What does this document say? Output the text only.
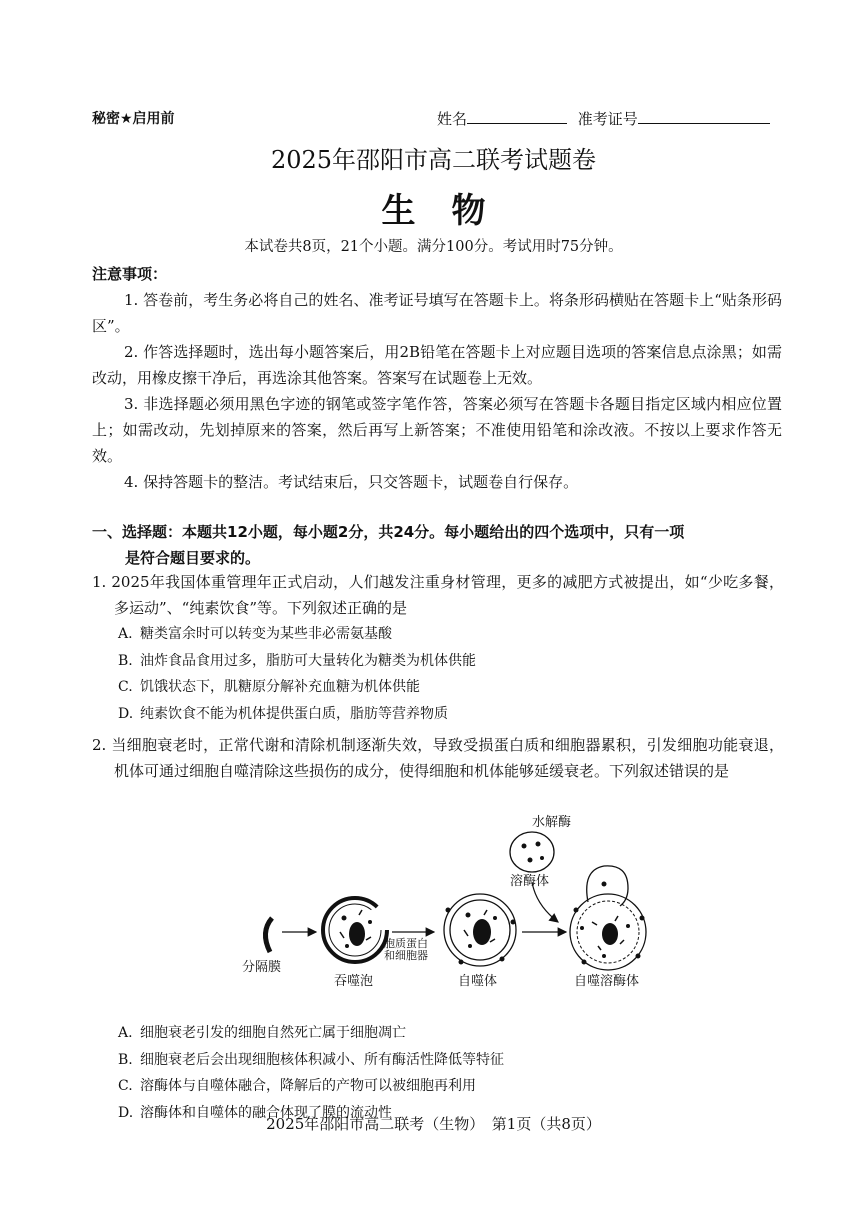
秘密★启用前	姓名	准考证号
2025年邵阳市高二联考试题卷
生物
本试卷共8页，21个小题。满分100分。考试用时75分钟。
注意事项：

1. 答卷前，考生务必将自己的姓名、准考证号填写在答题卡上。将条形码横贴在答题卡上“贴条形码区”。

2. 作答选择题时，选出每小题答案后，用2B铅笔在答题卡上对应题目选项的答案信息点涂黑；如需改动，用橡皮擦干净后，再选涂其他答案。答案写在试题卷上无效。

3. 非选择题必须用黑色字迹的钢笔或签字笔作答，答案必须写在答题卡各题目指定区域内相应位置上；如需改动，先划掉原来的答案，然后再写上新答案；不准使用铅笔和涂改液。不按以上要求作答无效。

4. 保持答题卡的整洁。考试结束后，只交答题卡，试题卷自行保存。

一、选择题：本题共12小题，每小题2分，共24分。每小题给出的四个选项中，只有一项
是符合题目要求的。
1. 2025年我国体重管理年正式启动，人们越发注重身材管理，更多的减肥方式被提出，如“少吃多餐，多运动”、“纯素饮食”等。下列叙述正确的是
A. 糖类富余时可以转变为某些非必需氨基酸
B. 油炸食品食用过多，脂肪可大量转化为糖类为机体供能
C. 饥饿状态下，肌糖原分解补充血糖为机体供能
D. 纯素饮食不能为机体提供蛋白质，脂肪等营养物质
2. 当细胞衰老时，正常代谢和清除机制逐渐失效，导致受损蛋白质和细胞器累积，引发细胞功能衰退，机体可通过细胞自噬清除这些损伤的成分，使得细胞和机体能够延缓衰老。下列叙述错误的是
水解酶
溶酶体
分隔膜
吞噬泡
胞质蛋白
和细胞器
自噬体	自噬溶酶体
A. 细胞衰老引发的细胞自然死亡属于细胞凋亡
B. 细胞衰老后会出现细胞核体积减小、所有酶活性降低等特征
C. 溶酶体与自噬体融合，降解后的产物可以被细胞再利用
D. 溶酶体和自噬体的融合体现了膜的流动性
2025年邵阳市高二联考（生物）　第1页（共8页）
